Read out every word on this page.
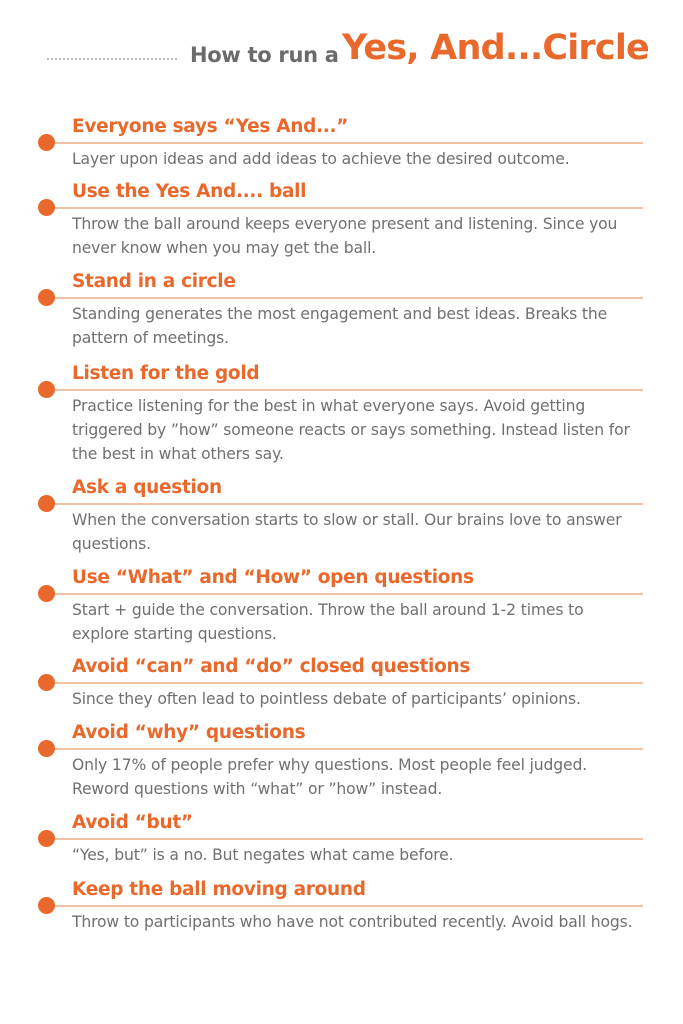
How to run a Yes, And...Circle
Everyone says “Yes And...”
Layer upon ideas and add ideas to achieve the desired outcome.
Use the Yes And.... ball
Throw the ball around keeps everyone present and listening. Since you never know when you may get the ball.
Stand in a circle
Standing generates the most engagement and best ideas. Breaks the pattern of meetings.
Listen for the gold
Practice listening for the best in what everyone says. Avoid getting triggered by ”how” someone reacts or says something. Instead listen for the best in what others say.
Ask a question
When the conversation starts to slow or stall. Our brains love to answer questions.
Use “What” and “How” open questions
Start + guide the conversation. Throw the ball around 1-2 times to explore starting questions.
Avoid “can” and “do” closed questions
Since they often lead to pointless debate of participants’ opinions.
Avoid “why” questions
Only 17% of people prefer why questions. Most people feel judged. Reword questions with “what” or ”how” instead.
Avoid “but”
“Yes, but” is a no. But negates what came before.
Keep the ball moving around
Throw to participants who have not contributed recently. Avoid ball hogs.
